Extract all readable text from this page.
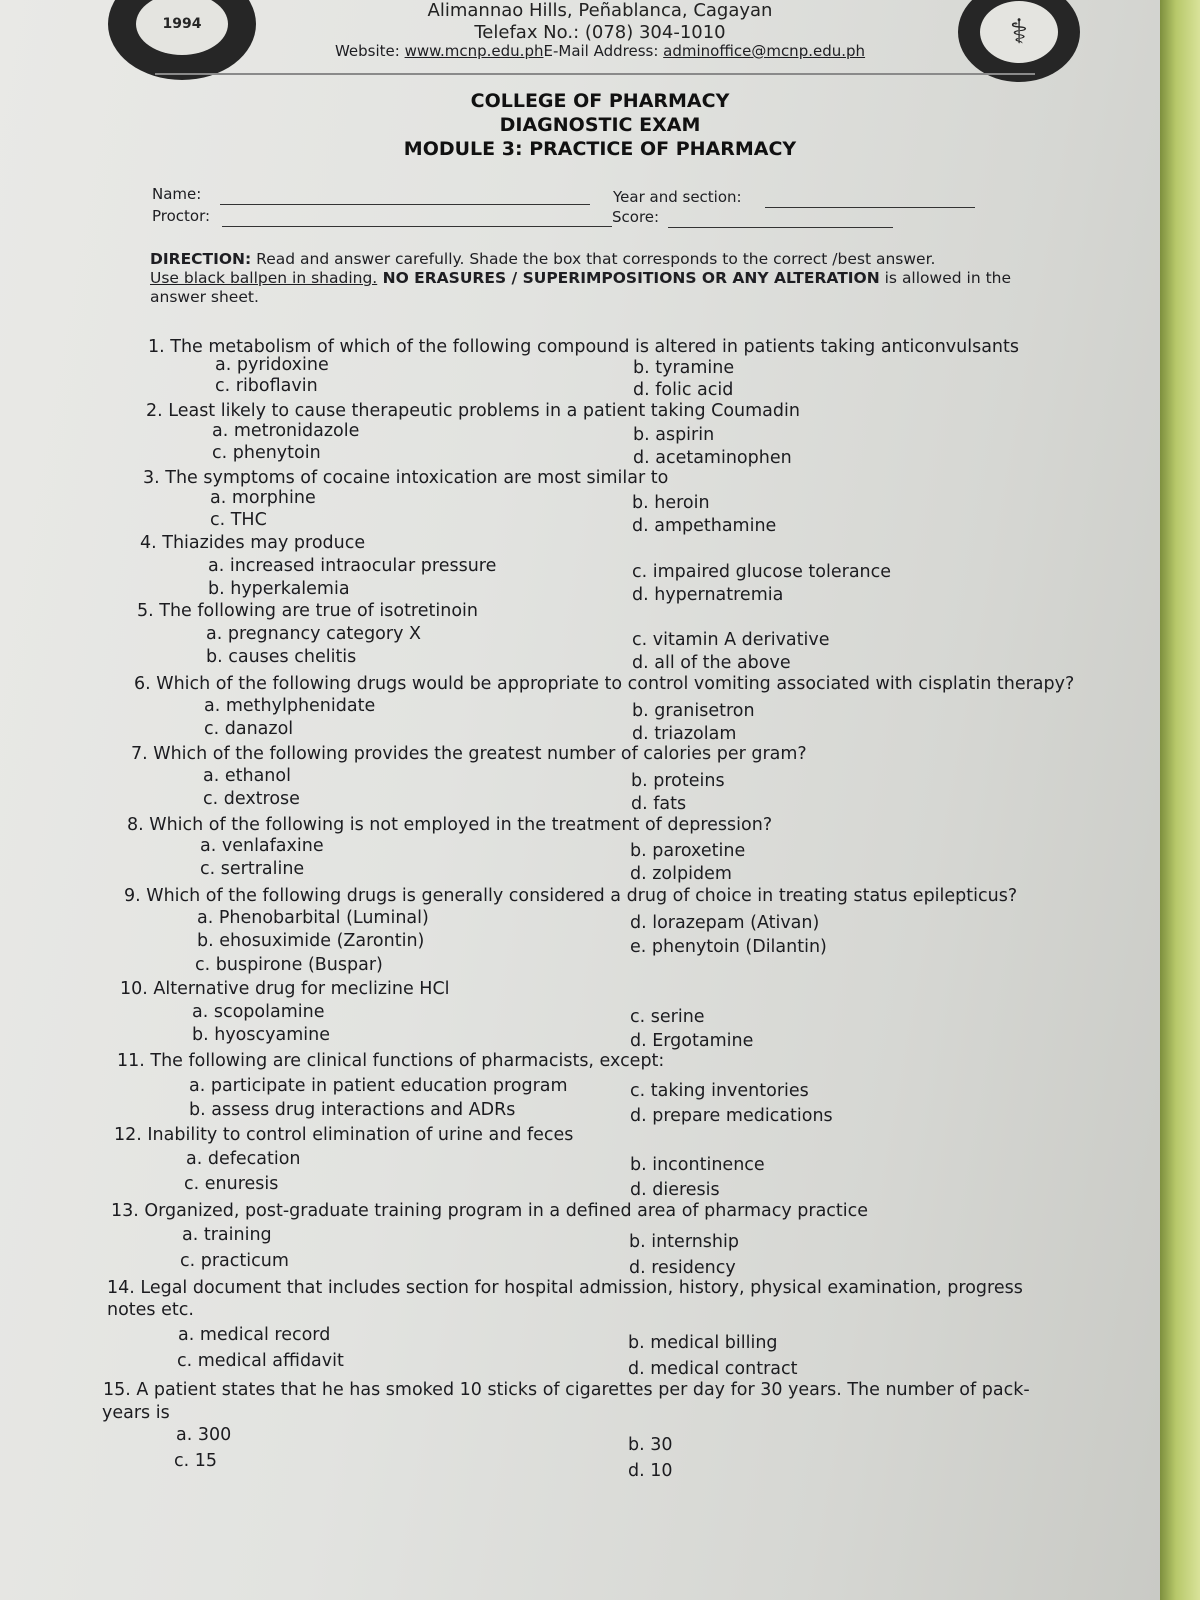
1994	⚕
Alimannao Hills, Peñablanca, Cagayan
Telefax No.: (078) 304-1010
Website: www.mcnp.edu.phE-Mail Address: adminoffice@mcnp.edu.ph
COLLEGE OF PHARMACY
DIAGNOSTIC EXAM
MODULE 3: PRACTICE OF PHARMACY
Name:
Proctor:
Year and section:
Score:
DIRECTION: Read and answer carefully. Shade the box that corresponds to the correct /best answer.
Use black ballpen in shading. NO ERASURES / SUPERIMPOSITIONS OR ANY ALTERATION is allowed in the answer sheet.
1. The metabolism of which of the following compound is altered in patients taking anticonvulsants
a. pyridoxine	b. tyramine
c. riboflavin	d. folic acid
2. Least likely to cause therapeutic problems in a patient taking Coumadin
a. metronidazole	b. aspirin
c. phenytoin	d. acetaminophen
3. The symptoms of cocaine intoxication are most similar to
a. morphine	b. heroin
c. THC	d. ampethamine
4. Thiazides may produce
a. increased intraocular pressure
b. hyperkalemia
c. impaired glucose tolerance
d. hypernatremia
5. The following are true of isotretinoin
a. pregnancy category X
b. causes chelitis
c. vitamin A derivative
d. all of the above
6. Which of the following drugs would be appropriate to control vomiting associated with cisplatin therapy?
a. methylphenidate	b. granisetron
c. danazol	d. triazolam
7. Which of the following provides the greatest number of calories per gram?
a. ethanol	b. proteins
c. dextrose	d. fats
8. Which of the following is not employed in the treatment of depression?
a. venlafaxine	b. paroxetine
c. sertraline	d. zolpidem
9. Which of the following drugs is generally considered a drug of choice in treating status epilepticus?
a. Phenobarbital (Luminal)
b. ehosuximide (Zarontin)
c. buspirone (Buspar)
d. lorazepam (Ativan)
e. phenytoin (Dilantin)
10. Alternative drug for meclizine HCl
a. scopolamine
b. hyoscyamine
c. serine
d. Ergotamine
11. The following are clinical functions of pharmacists, except:
a. participate in patient education program
b. assess drug interactions and ADRs
c. taking inventories
d. prepare medications
12. Inability to control elimination of urine and feces
a. defecation	b. incontinence
c. enuresis	d. dieresis
13. Organized, post-graduate training program in a defined area of pharmacy practice
a. training	b. internship
c. practicum	d. residency
14. Legal document that includes section for hospital admission, history, physical examination, progress
notes etc.
a. medical record	b. medical billing
c. medical affidavit	d. medical contract
15. A patient states that he has smoked 10 sticks of cigarettes per day for 30 years. The number of pack-
years is
a. 300	b. 30
c. 15	d. 10
